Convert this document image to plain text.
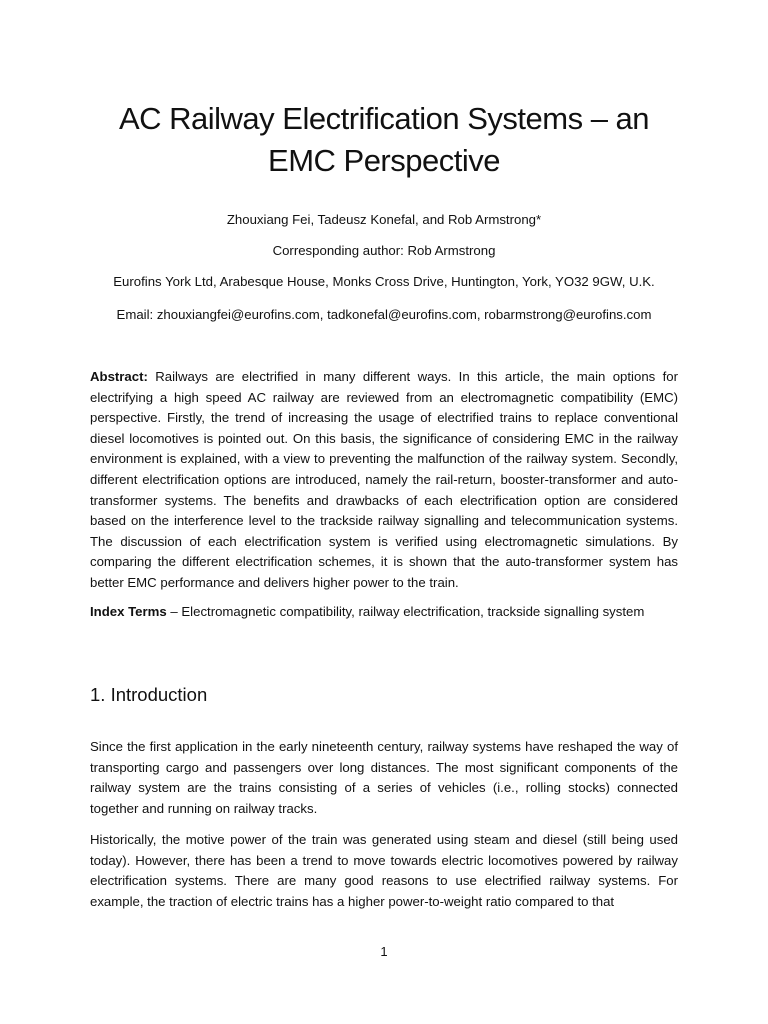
AC Railway Electrification Systems – an
EMC Perspective
Zhouxiang Fei, Tadeusz Konefal, and Rob Armstrong*
Corresponding author: Rob Armstrong
Eurofins York Ltd, Arabesque House, Monks Cross Drive, Huntington, York, YO32 9GW, U.K.
Email: zhouxiangfei@eurofins.com, tadkonefal@eurofins.com, robarmstrong@eurofins.com

Abstract: Railways are electrified in many different ways. In this article, the main options for electrifying a high speed AC railway are reviewed from an electromagnetic compatibility (EMC) perspective. Firstly, the trend of increasing the usage of electrified trains to replace conventional diesel locomotives is pointed out. On this basis, the significance of considering EMC in the railway environment is explained, with a view to preventing the malfunction of the railway system. Secondly, different electrification options are introduced, namely the rail-return, booster-transformer and auto-transformer systems. The benefits and drawbacks of each electrification option are considered based on the interference level to the trackside railway signalling and telecommunication systems. The discussion of each electrification system is verified using electromagnetic simulations. By comparing the different electrification schemes, it is shown that the auto-transformer system has better EMC performance and delivers higher power to the train.

Index Terms – Electromagnetic compatibility, railway electrification, trackside signalling system

1. Introduction

Since the first application in the early nineteenth century, railway systems have reshaped the way of transporting cargo and passengers over long distances. The most significant components of the railway system are the trains consisting of a series of vehicles (i.e., rolling stocks) connected together and running on railway tracks.

Historically, the motive power of the train was generated using steam and diesel (still being used today). However, there has been a trend to move towards electric locomotives powered by railway electrification systems. There are many good reasons to use electrified railway systems. For example, the traction of electric trains has a higher power-to-weight ratio compared to that

1
